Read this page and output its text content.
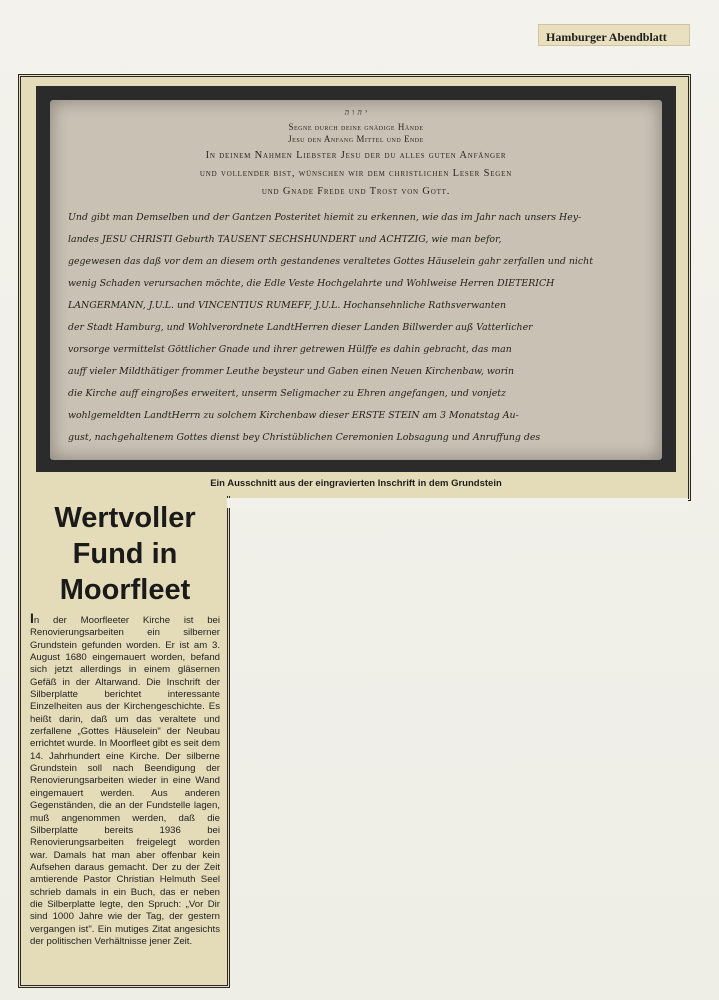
Hamburger Abendblatt
י ה ו ה
Segne durch deine gnädige Hände
Jesu den Anfang Mittel und Ende
In deinem Nahmen Liebster Jesu der du alles guten Anfänger
und vollender bist, wünschen wir dem christlichen Leser Segen
und Gnade Frede und Trost von Gott.
Und gibt man Demselben und der Gantzen Posteritet hiemit zu erkennen, wie das im Jahr nach unsers Hey-
landes JESU CHRISTI Geburth TAUSENT SECHSHUNDERT und ACHTZIG, wie man befor,
gegewesen das daß vor dem an diesem orth gestandenes veraltetes Gottes Häuselein gahr zerfallen und nicht
wenig Schaden verursachen möchte, die Edle Veste Hochgelahrte und Wohlweise Herren DIETERICH
LANGERMANN, J.U.L. und VINCENTIUS RUMEFF, J.U.L. Hochansehnliche Rathsverwanten
der Stadt Hamburg, und Wohlverordnete LandtHerren dieser Landen Billwerder auß Vatterlicher
vorsorge vermittelst Göttlicher Gnade und ihrer getrewen Hülffe es dahin gebracht, das man
auff vieler Mildthätiger frommer Leuthe beysteur und Gaben einen Neuen Kirchenbaw, worin
die Kirche auff eingroßes erweitert, unserm Seligmacher zu Ehren angefangen, und vonjetz
wohlgemeldten LandtHerrn zu solchem Kirchenbaw dieser ERSTE STEIN am 3 Monatstag Au-
gust, nachgehaltenem Gottes dienst bey Christüblichen Ceremonien Lobsagung und Anruffung des
Ein Ausschnitt aus der eingravierten Inschrift in dem Grundstein
Wertvoller
Fund in
Moorfleet
In der Moorfleeter Kirche ist bei Renovierungsarbeiten ein silberner Grundstein gefunden worden. Er ist am 3. August 1680 eingemauert worden, befand sich jetzt allerdings in einem gläsernen Gefäß in der Altarwand. Die Inschrift der Silberplatte berichtet interessante Einzelheiten aus der Kirchengeschichte. Es heißt darin, daß um das veraltete und zerfallene „Gottes Häuselein" der Neubau errichtet wurde. In Moorfleet gibt es seit dem 14. Jahrhundert eine Kirche. Der silberne Grundstein soll nach Beendigung der Renovierungsarbeiten wieder in eine Wand eingemauert werden. Aus anderen Gegenständen, die an der Fundstelle lagen, muß angenommen werden, daß die Silberplatte bereits 1936 bei Renovierungsarbeiten freigelegt worden war. Damals hat man aber offenbar kein Aufsehen daraus gemacht. Der zu der Zeit amtierende Pastor Christian Helmuth Seel schrieb damals in ein Buch, das er neben die Silberplatte legte, den Spruch: „Vor Dir sind 1000 Jahre wie der Tag, der gestern vergangen ist". Ein mutiges Zitat angesichts der politischen Verhältnisse jener Zeit.
